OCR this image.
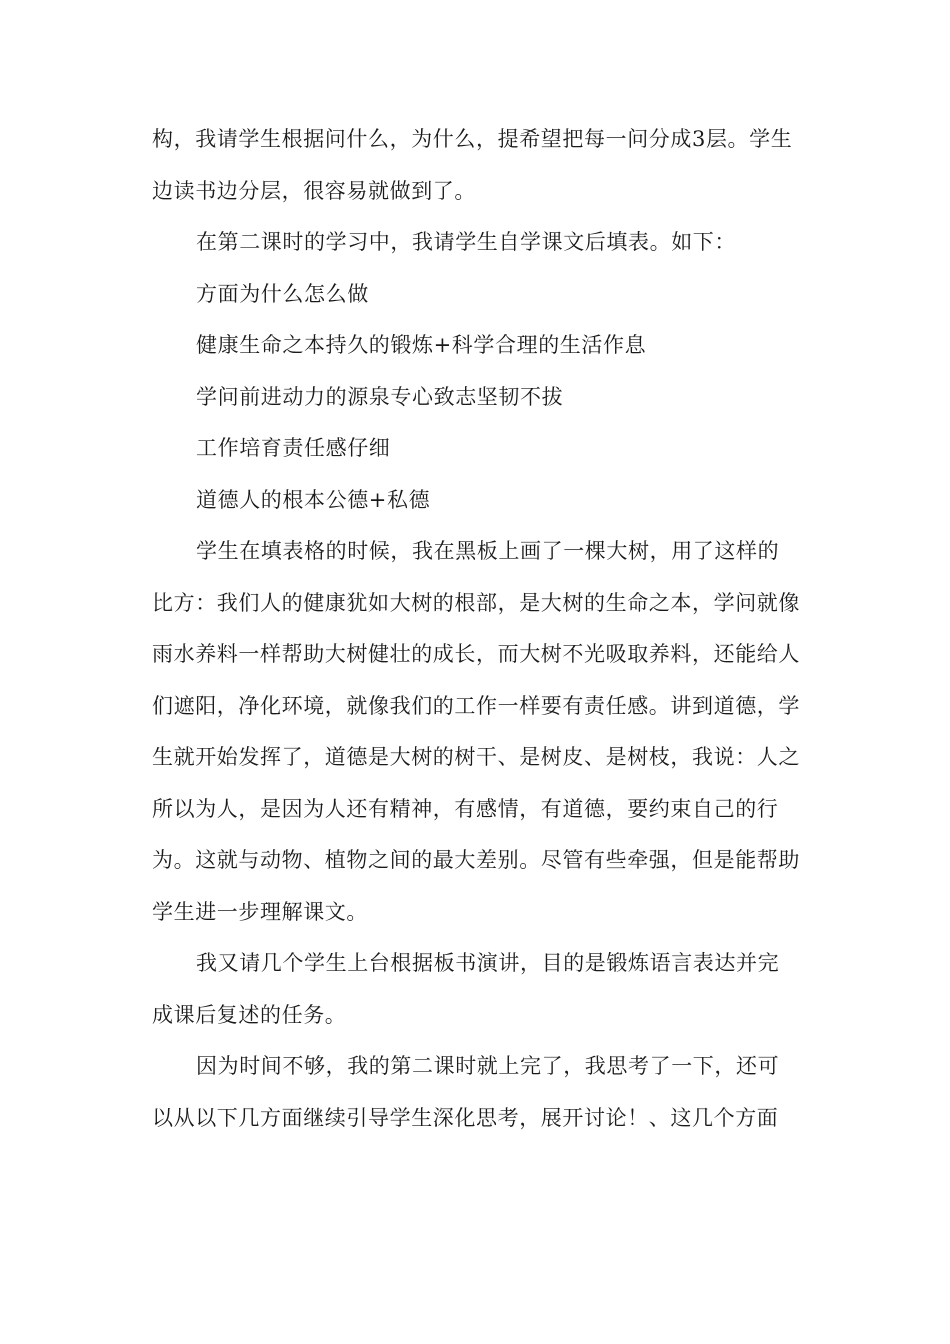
构，我请学生根据问什么，为什么，提希望把每一问分成3层。学生边读书边分层，很容易就做到了。

在第二课时的学习中，我请学生自学课文后填表。如下：

方面为什么怎么做

健康生命之本持久的锻炼+科学合理的生活作息

学问前进动力的源泉专心致志坚韧不拔

工作培育责任感仔细

道德人的根本公德+私德

学生在填表格的时候，我在黑板上画了一棵大树，用了这样的比方：我们人的健康犹如大树的根部，是大树的生命之本，学问就像雨水养料一样帮助大树健壮的成长，而大树不光吸取养料，还能给人们遮阳，净化环境，就像我们的工作一样要有责任感。讲到道德，学生就开始发挥了，道德是大树的树干、是树皮、是树枝，我说：人之所以为人，是因为人还有精神，有感情，有道德，要约束自己的行为。这就与动物、植物之间的最大差别。尽管有些牵强，但是能帮助学生进一步理解课文。

我又请几个学生上台根据板书演讲，目的是锻炼语言表达并完成课后复述的任务。

因为时间不够，我的第二课时就上完了，我思考了一下，还可以从以下几方面继续引导学生深化思考，展开讨论！、这几个方面
